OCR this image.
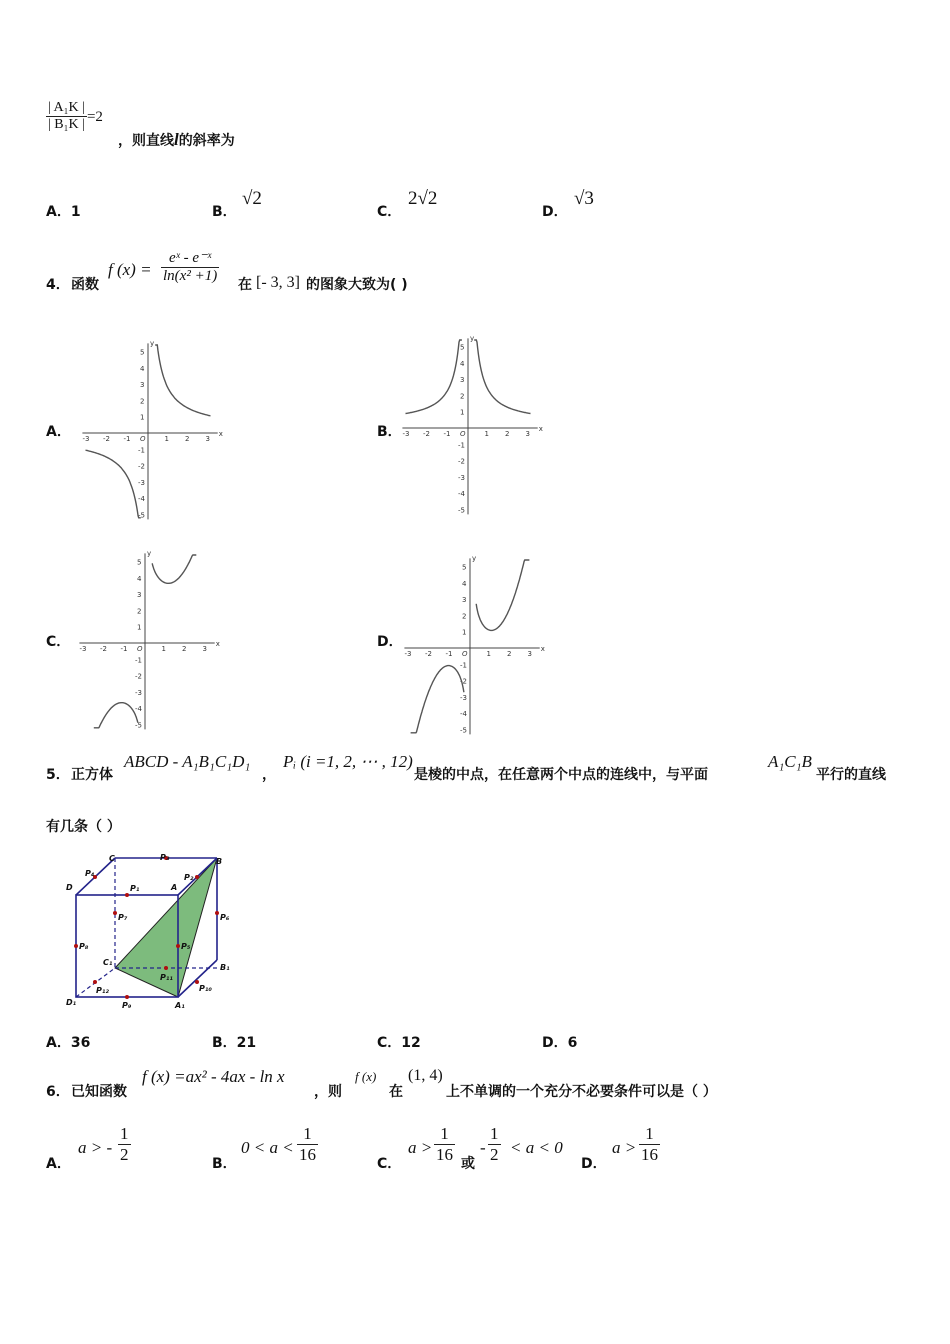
$\frac{\text{| A₁K |}}{\text{| B₁K |}} =2$
，则直线l的斜率为
A．1	B．
√2
C．
2√2
D．
√3
4． 函数
f $(x) = \frac{\text{eˣ - e⁻ˣ}}{\text{ln(x² +1)}}$ 在 [- 3, 3] 的图象大致为( )
A．	B．
C．	D．
-3 -2 -1	1 2 3
1
-1
2
-2
3
-3
4
-4
5
-5
O
x
y
-3 -2 -1	1 2 3
1
-1
2
-2
3
-3
4
-4
5
-5
O
x
y
-3 -2 -1	1 2 3
1
-1
2
-2
3
-3
4
-4
5
-5
O
x
y
-3 -2 -1	1 2 3
1
-1
2
-2
3
-3
4
-4
5
-5
O
x
y
5． 正方体
ABCD - A₁B₁C₁D₁
，
Pᵢ (i =1, 2, ⋯ , 12)
是棱的中点，在任意两个中点的连线中，与平面
A₁C₁B
平行的直线
有几条（ ）
C	P₃	B
D
P₄
P₁	A
P₂
P₇	P₆
P₈	P₅
C₁
B₁
P₁₁
P₁₂	P₁₀
D₁	P₉	A₁
A．36	B．21	C．12	D．6
6． 已知函数
f (x) =ax² - 4ax - ln x
，则
f (x)
在
(1, 4)
上不单调的一个充分不必要条件可以是（ ）
A．
a > - $\frac{1}{2}$	B．
$0 < a < \frac{1}{16}$	C．
$a > \frac{1}{16}$ 或
- $\frac{1}{2} < a < 0$
D．
$a > \frac{1}{16}$
